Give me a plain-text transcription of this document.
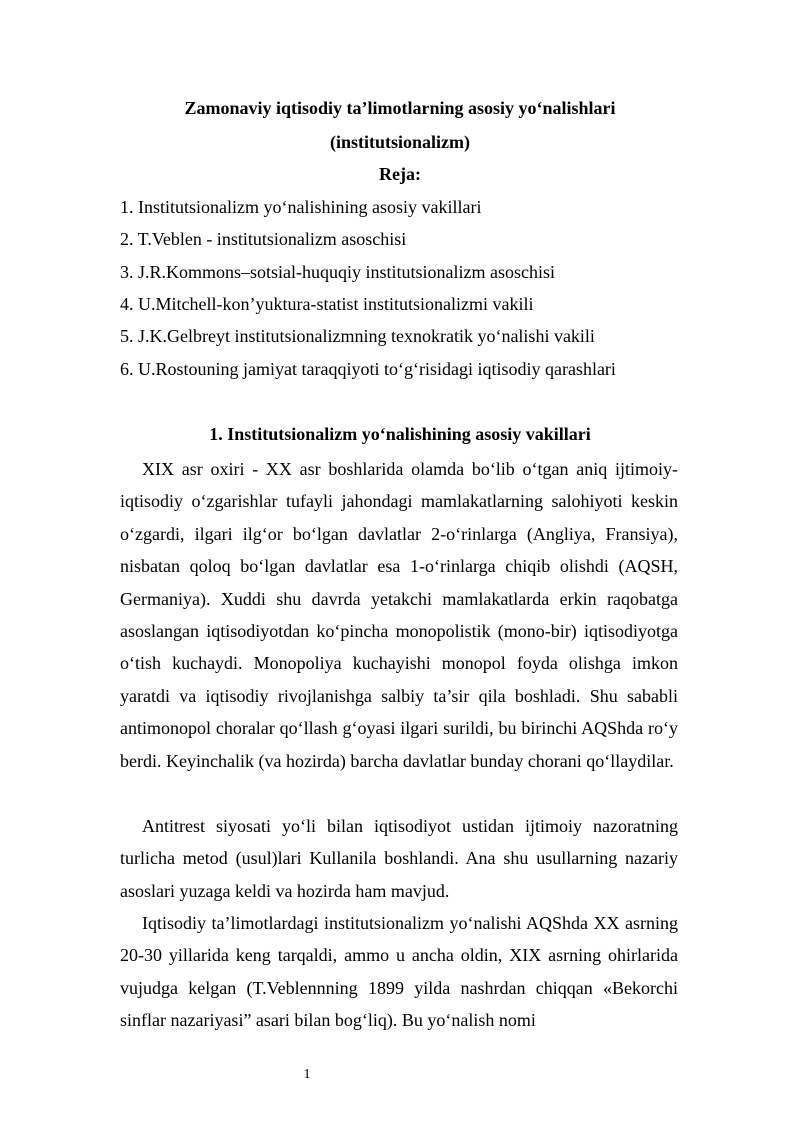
Zamonaviy iqtisodiy ta’limotlarning asosiy yo‘nalishlari

(institutsionalizm)

Reja:

1. Institutsionalizm yo‘nalishining asosiy vakillari

2. T.Veblen - institutsionalizm asoschisi

3. J.R.Kommons–sotsial-huquqiy institutsionalizm asoschisi

4. U.Mitchell-kon’yuktura-statist institutsionalizmi vakili

5. J.K.Gelbreyt institutsionalizmning texnokratik yo‘nalishi vakili

6. U.Rostouning jamiyat taraqqiyoti to‘g‘risidagi iqtisodiy qarashlari

1. Institutsionalizm yo‘nalishining asosiy vakillari

XIX asr oxiri - XX asr boshlarida olamda bo‘lib o‘tgan aniq ijtimoiy-iqtisodiy o‘zgarishlar tufayli jahondagi mamlakatlarning salohiyoti keskin o‘zgardi, ilgari ilg‘or bo‘lgan davlatlar 2-o‘rinlarga (Angliya, Fransiya), nisbatan qoloq bo‘lgan davlatlar esa 1-o‘rinlarga chiqib olishdi (AQSH, Germaniya). Xuddi shu davrda yetakchi mamlakatlarda erkin raqobatga asoslangan iqtisodiyotdan ko‘pincha monopolistik (mono-bir) iqtisodiyotga o‘tish kuchaydi. Monopoliya kuchayishi monopol foyda olishga imkon yaratdi va iqtisodiy rivojlanishga salbiy ta’sir qila boshladi. Shu sababli antimonopol choralar qo‘llash g‘oyasi ilgari surildi, bu birinchi AQShda ro‘y berdi. Keyinchalik (va hozirda) barcha davlatlar bunday chorani qo‘llaydilar.

Antitrest siyosati yo‘li bilan iqtisodiyot ustidan ijtimoiy nazoratning turlicha metod (usul)lari Kullanila boshlandi. Ana shu usullarning nazariy asoslari yuzaga keldi va hozirda ham mavjud.

Iqtisodiy ta’limotlardagi institutsionalizm yo‘nalishi AQShda XX asrning 20-30 yillarida keng tarqaldi, ammo u ancha oldin, XIX asrning ohirlarida vujudga kelgan (T.Veblennning 1899 yilda nashrdan chiqqan «Bekorchi sinflar nazariyasi” asari bilan bog‘liq). Bu yo‘nalish nomi

1
